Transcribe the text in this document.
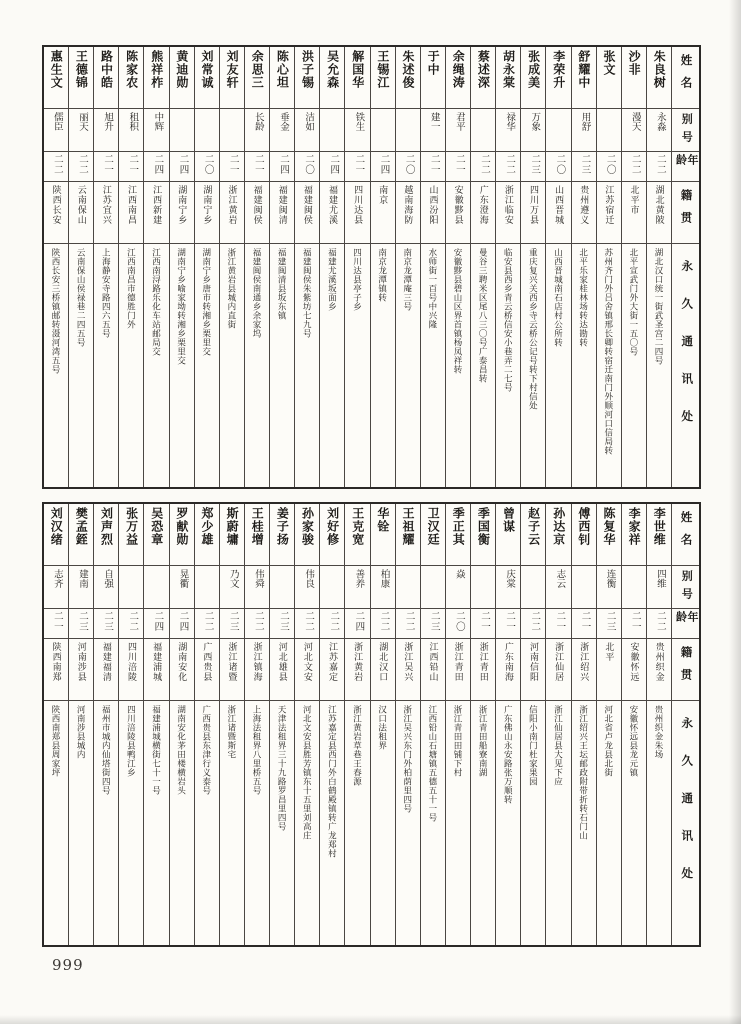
姓名
别号
年龄
籍贯
永久通讯处
朱良树
永淼
二二
湖北黄陂
湖北汉口统一街武圣宫二四号
沙非
漫天
二二
北平市
北平宣武门外大街一五〇号
张文
二〇
江苏宿迁
苏州齐门外吕舍镇邢长卿转宿迁南门外顺河口信局转
舒耀中
用舒
二三
贵州遵义
北平乐家桂林场转达勘转
李荣升
二〇
山西晋城
山西晋城南石店村公所转
张成美
万象
二三
四川万县
重庆复兴关西乡寺云桥公记号转下村信处
胡永棠
禄华
二二
浙江临安
临安县西乡青云桥信安小巷弄二七号
蔡述深
二二
广东澄海
曼谷三聘米区尾八三〇号广泰昌转
余绳涛
君平
二一
安徽黟县
安徽黟县碧山区界首镇杨凤祥转
于中
建一
二一
山西汾阳
水师街一百号中兴隆
朱述俊
二〇
越南海防
南京龙潭庵三号
王锡江
二四
南京
南京龙潭镇转
解国华
铁生
二一
四川达县
四川达县亭子乡
吴允森
二四
福建尤溪
福建尤溪坂面乡
洪子锡
洁如
二〇
福建闽侯
福建闽侯朱紫坊七九号
陈心坦
垂金
二四
福建闽清
福建闽清县坂东镇
余思三
长龄
二一
福建闽侯
福建闽侯南通乡余家坞
刘友轩
二一
浙江黄岩
浙江黄岩县城内直街
刘常诚
二〇
湖南宁乡
湖南宁乡唐市转湘乡栗里交
黄迪勋
二四
湖南宁乡
湖南宁乡喻家坳转湘乡栗里交
熊祥柞
中辉
二四
江西新建
江西南浔路乐化车站邮局交
陈家农
租积
二一
江西南昌
江西南昌市德胜门外
路中皓
旭升
二一
江苏宜兴
上海静安寺路四六五号
王德锦
丽天
二二
云南保山
云南保山侯禄巷二四五号
惠生文
儒臣
二二
陕西长安
陕西长安三桥镇邮转滠河湾五号
姓名
别号
年龄
籍贯
永久通讯处
李世维
四维
二二
贵州织金
贵州织金朱场
李家祥
二一
安徽怀远
安徽怀远县龙元镇
陈复华
连衡
二三
北平
河北省卢龙县北街
傅西钊
二一
浙江绍兴
浙江绍兴王坛邮政附带折转石门山
孙达京
志云
二一
浙江仙居
浙江仙居县大见下应
赵子云
二二
河南信阳
信阳小南门杜家果园
曾谋
庆棠
二一
广东南海
广东佛山永安路张万顺转
季国衡
二一
浙江青田
浙江青田船寮南湖
季正其
焱
二〇
浙江青田
浙江青田田铺下村
卫汉廷
二三
江西铅山
江西铅山石塘镇五德五十一号
王祖耀
二二
浙江吴兴
浙江吴兴东门外柏荫里四号
华铨
柏康
二二
湖北汉口
汉口法租界
王克宽
善养
二四
浙江黄岩
浙江黄岩草巷王春源
刘好修
二二
江苏嘉定
江苏嘉定县西门外白鹤殿镇转广龙郑村
孙家骏
伟良
二二
河北文安
河北文安县胜芳镇东十五里刘高庄
姜子扬
二三
河北雄县
天津法租界三十九路罗昌里四号
王桂增
伟舜
二二
浙江镇海
上海法租界八里桥五号
斯蔚墉
乃文
二三
浙江诸暨
浙江诸暨斯宅
郑少雄
二二
广西贵县
广西贵县东津行义泰号
罗献勋
晃衢
二四
湖南安化
湖南安化茅田楼横岩头
吴恐章
二四
福建浦城
福建浦城横街七十一号
张万益
二二
四川涪陵
四川涪陵县鸭江乡
刘声烈
自强
二三
福建福清
福州市城内仙塔街四号
樊孟銍
建南
二三
河南涉县
河南涉县城内
刘汉绪
志齐
二一
陕西南郑
陕西南郑县周家坪
999
